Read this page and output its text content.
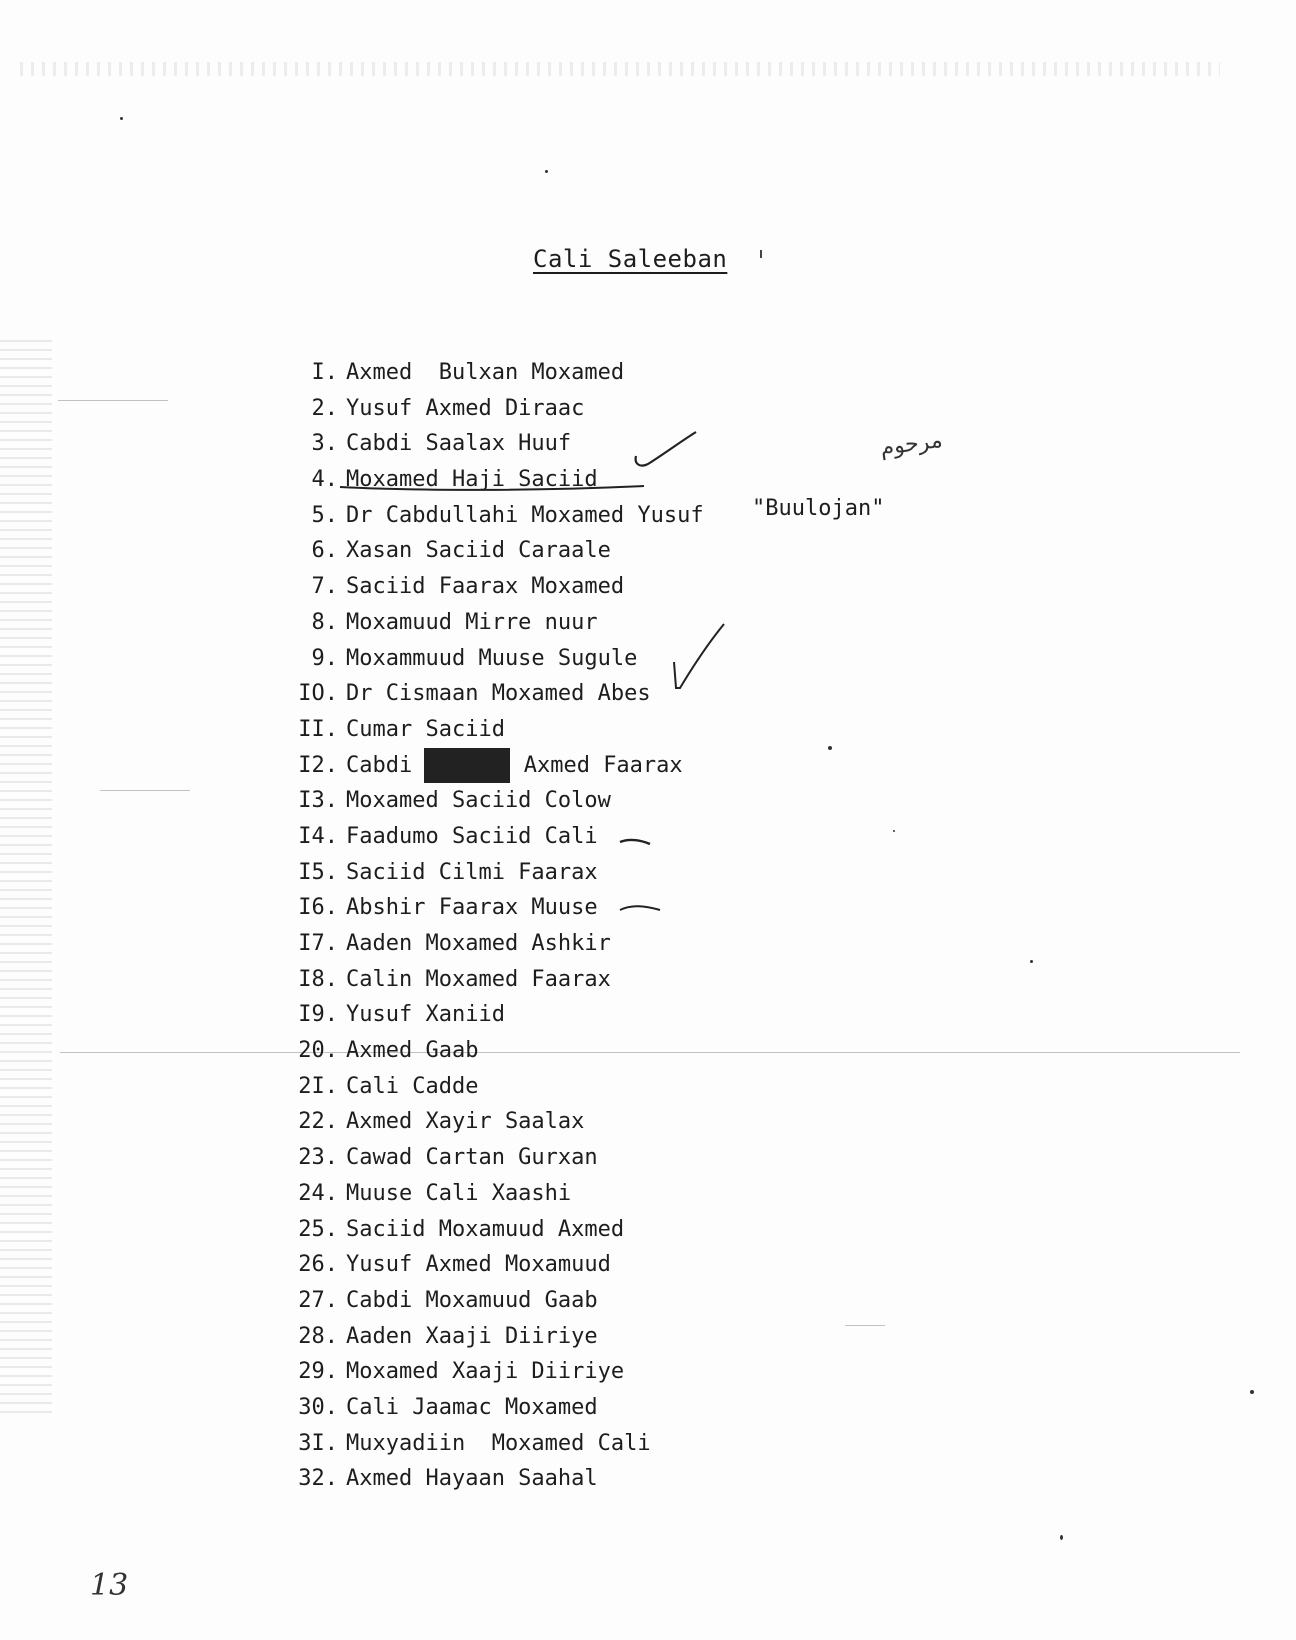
Cali Saleeban
I. Axmed  Bulxan Moxamed
2. Yusuf Axmed Diraac
3. Cabdi Saalax Huuf
4. Moxamed Haji Saciid
5. Dr Cabdullahi Moxamed Yusuf
6. Xasan Saciid Caraale
7. Saciid Faarax Moxamed
8. Moxamuud Mirre nuur
9. Moxammuud Muuse Sugule
IO. Dr Cismaan Moxamed Abes
II. Cumar Saciid
I2. Cabdi Faarax Axmed Faarax
I3. Moxamed Saciid Colow
I4. Faadumo Saciid Cali
I5. Saciid Cilmi Faarax
I6. Abshir Faarax Muuse
I7. Aaden Moxamed Ashkir
I8. Calin Moxamed Faarax
I9. Yusuf Xaniid
20. Axmed Gaab
2I. Cali Cadde
22. Axmed Xayir Saalax
23. Cawad Cartan Gurxan
24. Muuse Cali Xaashi
25. Saciid Moxamuud Axmed
26. Yusuf Axmed Moxamuud
27. Cabdi Moxamuud Gaab
28. Aaden Xaaji Diiriye
29. Moxamed Xaaji Diiriye
30. Cali Jaamac Moxamed
3I. Muxyadiin  Moxamed Cali
32. Axmed Hayaan Saahal
"Buulojan"
مرحوم
13
